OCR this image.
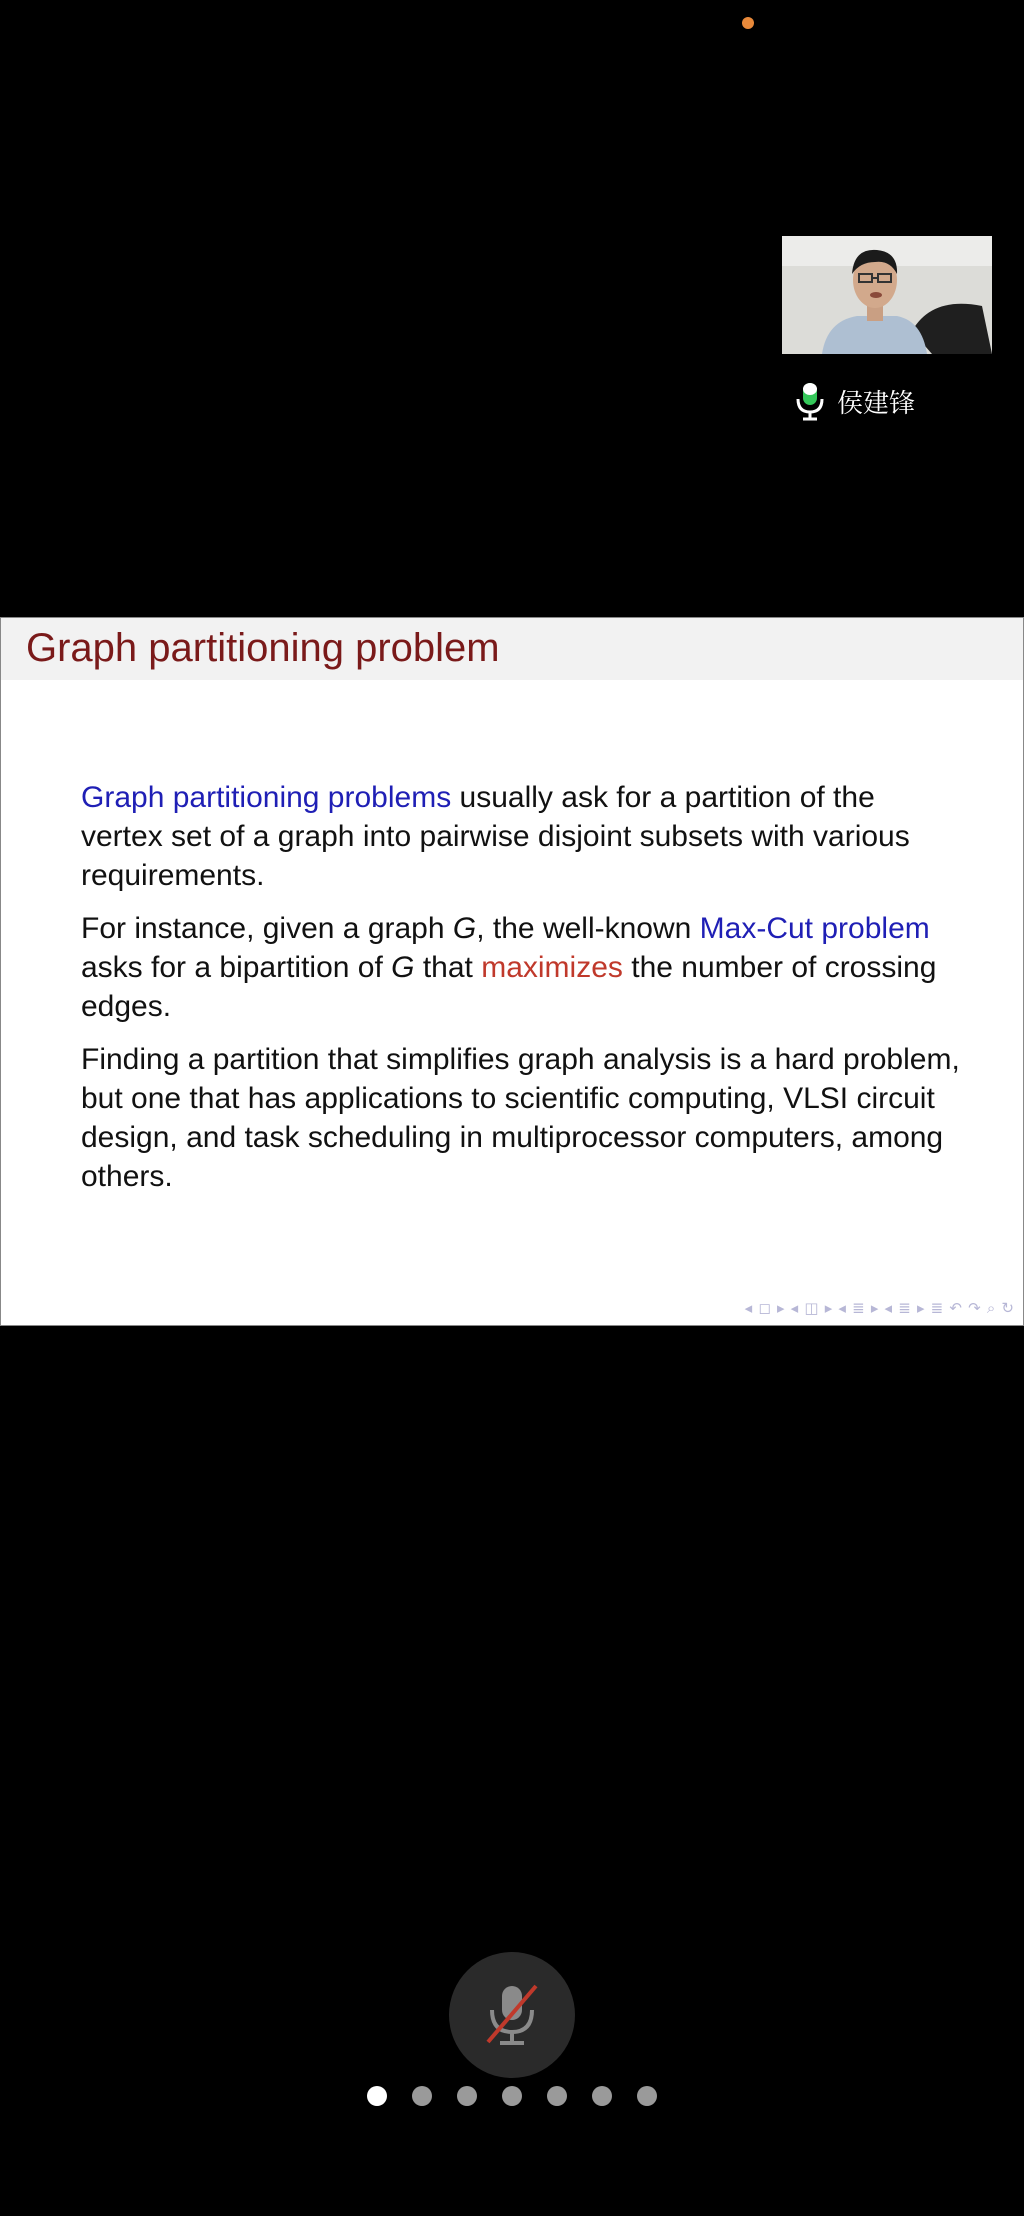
侯建锋
Graph partitioning problem

Graph partitioning problems usually ask for a partition of the vertex set of a graph into pairwise disjoint subsets with various requirements.

For instance, given a graph G, the well-known Max-Cut problem asks for a bipartition of G that maximizes the number of crossing edges.

Finding a partition that simplifies graph analysis is a hard problem, but one that has applications to scientific computing, VLSI circuit design, and task scheduling in multiprocessor computers, among others.

◂ ◻ ▸ ◂ ◫ ▸ ◂ ≣ ▸ ◂ ≣ ▸ ≣ ↶ ↷ ⌕ ↻
